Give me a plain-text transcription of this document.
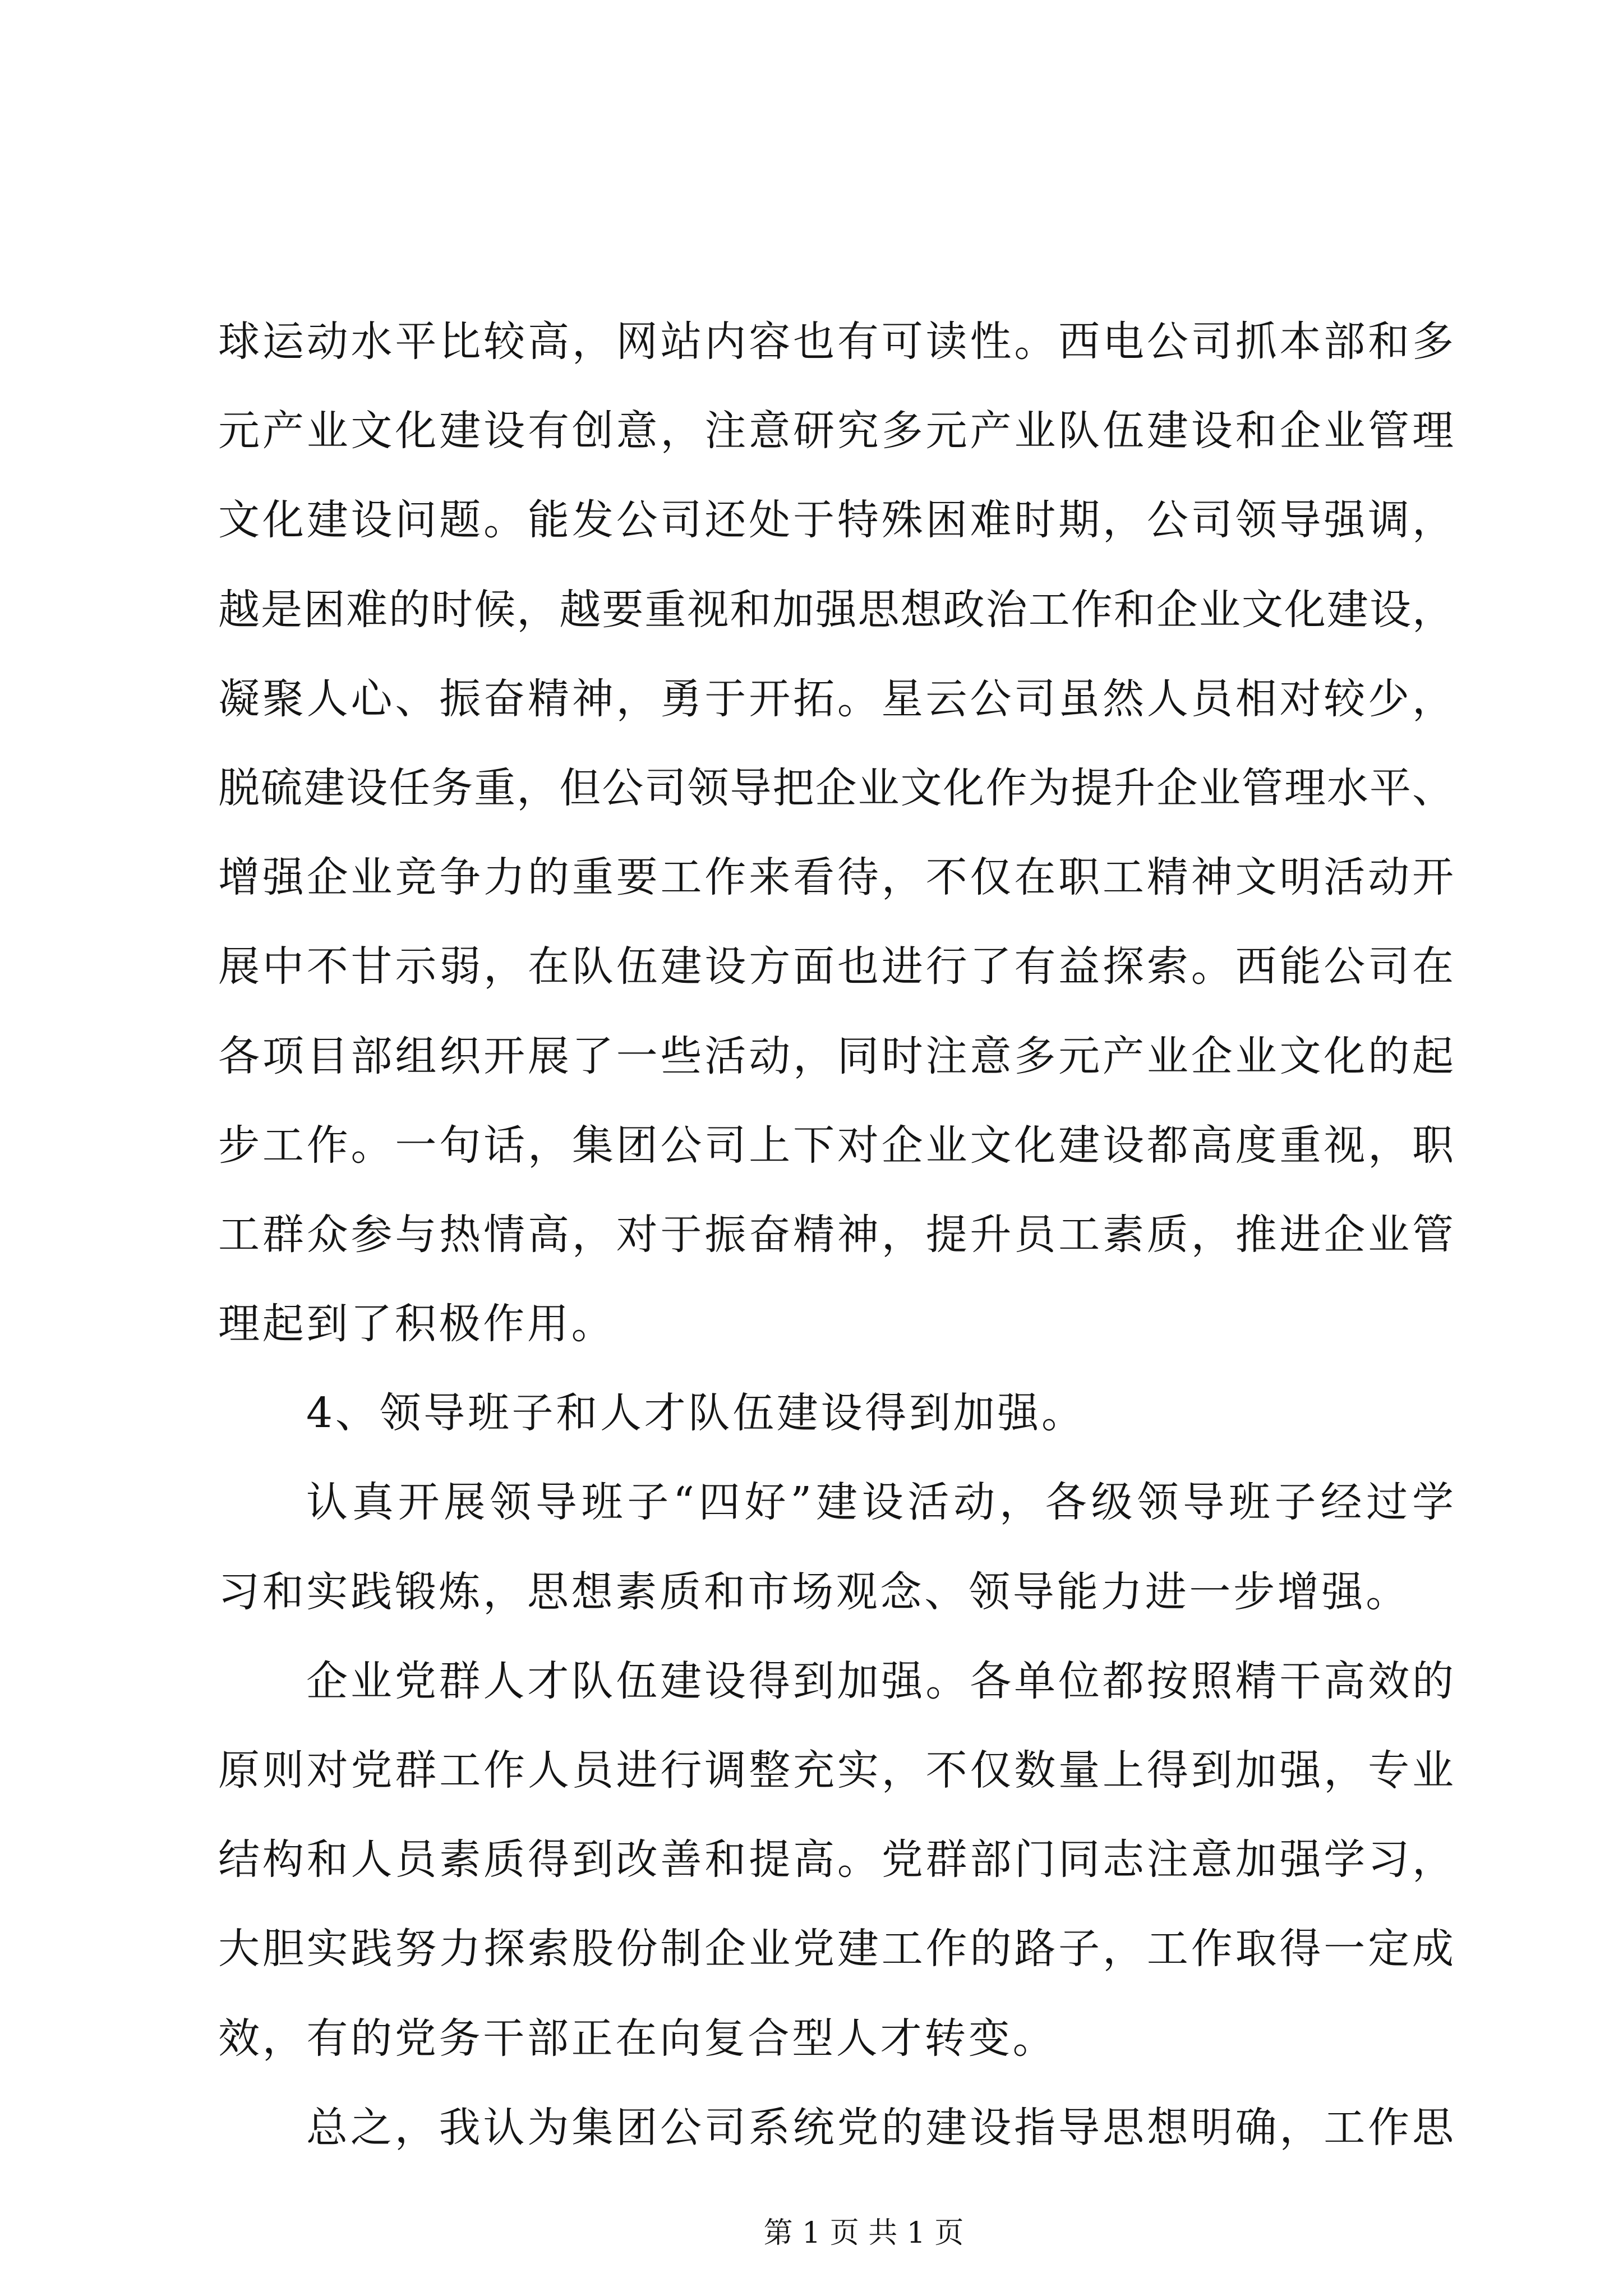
球运动水平比较高，网站内容也有可读性。西电公司抓本部和多
元产业文化建设有创意，注意研究多元产业队伍建设和企业管理
文化建设问题。能发公司还处于特殊困难时期，公司领导强调，
越是困难的时候，越要重视和加强思想政治工作和企业文化建设，
凝聚人心、振奋精神，勇于开拓。星云公司虽然人员相对较少，
脱硫建设任务重，但公司领导把企业文化作为提升企业管理水平、
增强企业竞争力的重要工作来看待，不仅在职工精神文明活动开
展中不甘示弱，在队伍建设方面也进行了有益探索。西能公司在
各项目部组织开展了一些活动，同时注意多元产业企业文化的起
步工作。一句话，集团公司上下对企业文化建设都高度重视，职
工群众参与热情高，对于振奋精神，提升员工素质，推进企业管
理起到了积极作用。
4、领导班子和人才队伍建设得到加强。
认真开展领导班子“四好”建设活动，各级领导班子经过学
习和实践锻炼，思想素质和市场观念、领导能力进一步增强。
企业党群人才队伍建设得到加强。各单位都按照精干高效的
原则对党群工作人员进行调整充实，不仅数量上得到加强，专业
结构和人员素质得到改善和提高。党群部门同志注意加强学习，
大胆实践努力探索股份制企业党建工作的路子，工作取得一定成
效，有的党务干部正在向复合型人才转变。
总之，我认为集团公司系统党的建设指导思想明确，工作思
第 1 页 共 1 页
